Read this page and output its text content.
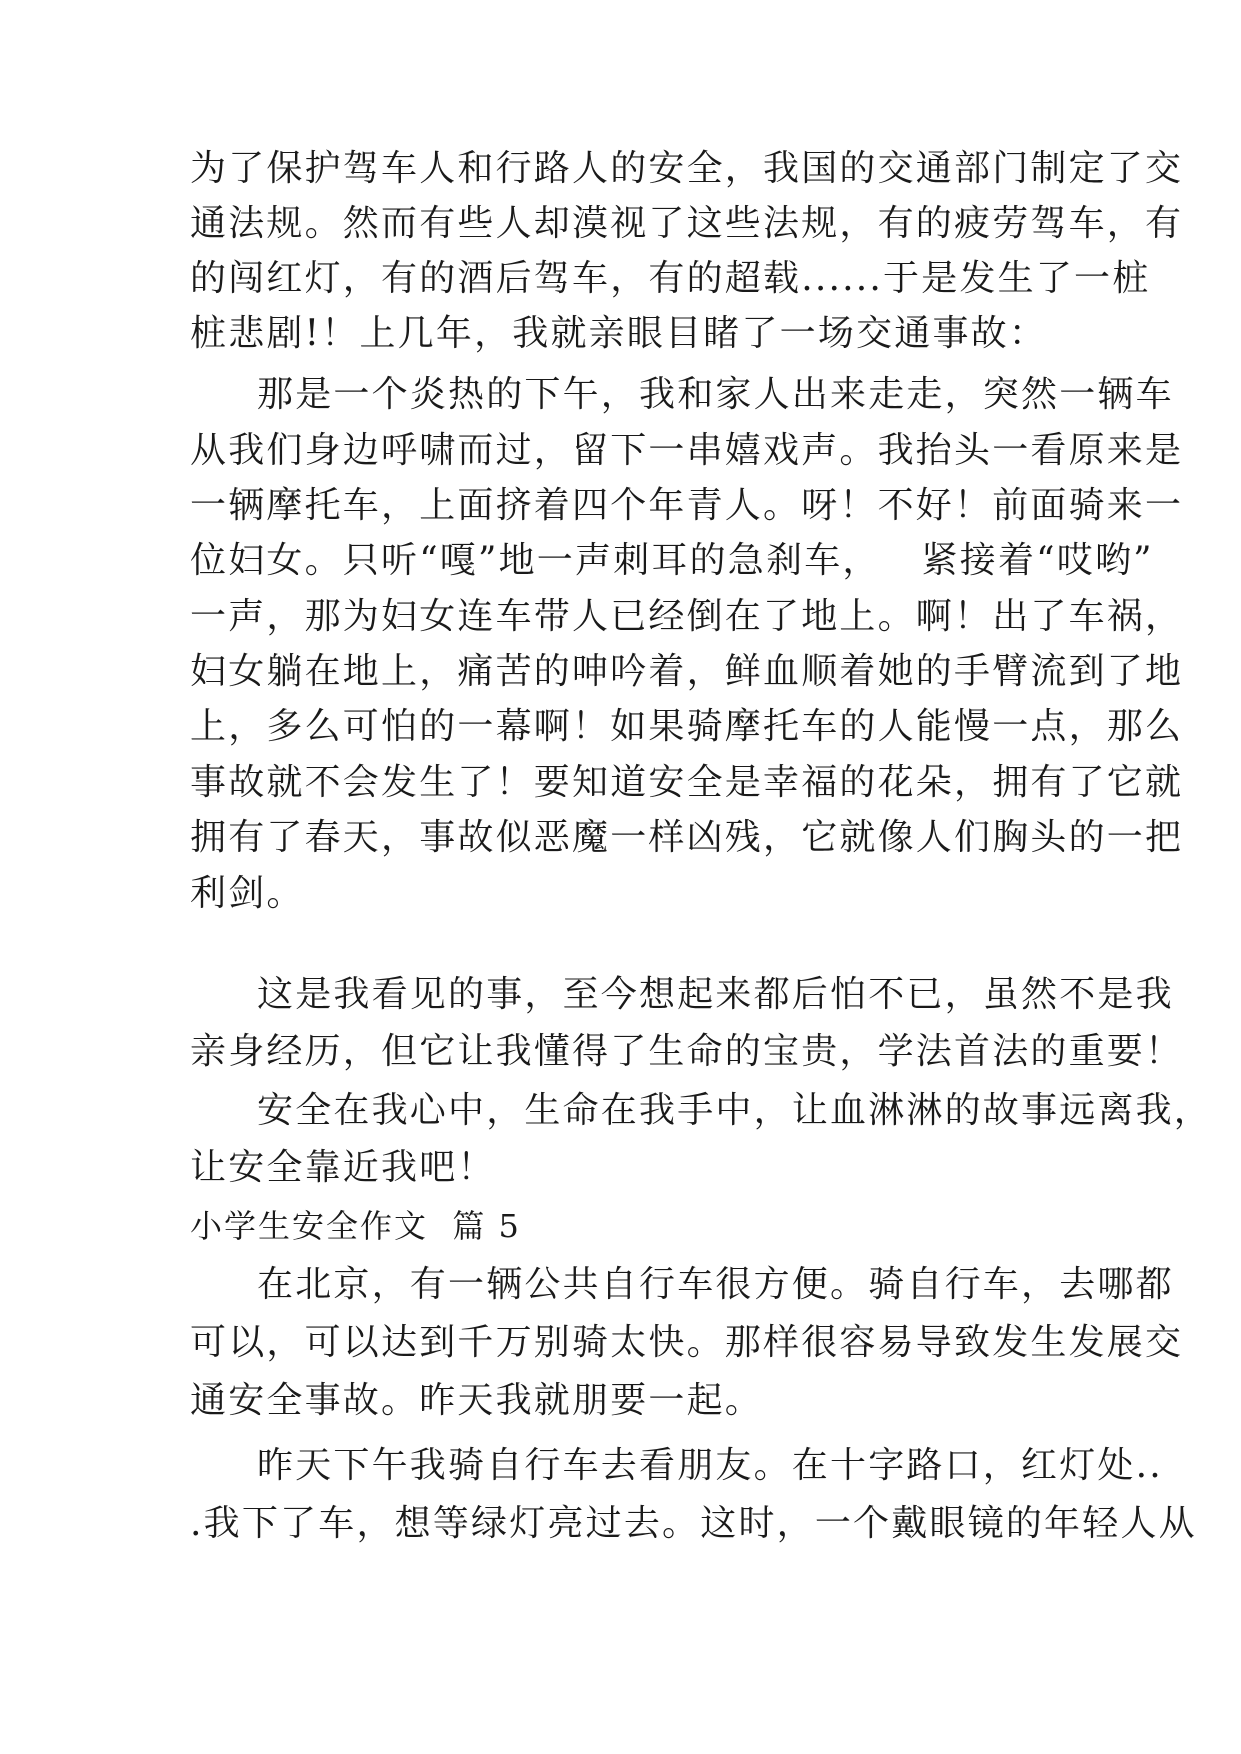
为了保护驾车人和行路人的安全，我国的交通部门制定了交
通法规。然而有些人却漠视了这些法规，有的疲劳驾车，有
的闯红灯，有的酒后驾车，有的超载......于是发生了一桩
桩悲剧!！上几年，我就亲眼目睹了一场交通事故：
那是一个炎热的下午，我和家人出来走走，突然一辆车
从我们身边呼啸而过，留下一串嬉戏声。我抬头一看原来是
一辆摩托车，上面挤着四个年青人。呀！不好！前面骑来一
位妇女。只听“嘎”地一声刺耳的急刹车，   紧接着“哎哟”
一声，那为妇女连车带人已经倒在了地上。啊！出了车祸，
妇女躺在地上，痛苦的呻吟着，鲜血顺着她的手臂流到了地
上，多么可怕的一幕啊！如果骑摩托车的人能慢一点，那么
事故就不会发生了！要知道安全是幸福的花朵，拥有了它就
拥有了春天，事故似恶魔一样凶残，它就像人们胸头的一把
利剑。
这是我看见的事，至今想起来都后怕不已，虽然不是我
亲身经历，但它让我懂得了生命的宝贵，学法首法的重要！
安全在我心中，生命在我手中，让血淋淋的故事远离我，
让安全靠近我吧！
小学生安全作文  篇 5
在北京，有一辆公共自行车很方便。骑自行车，去哪都
可以，可以达到千万别骑太快。那样很容易导致发生发展交
通安全事故。昨天我就朋要一起。
昨天下午我骑自行车去看朋友。在十字路口，红灯处..
.我下了车，想等绿灯亮过去。这时，一个戴眼镜的年轻人从
